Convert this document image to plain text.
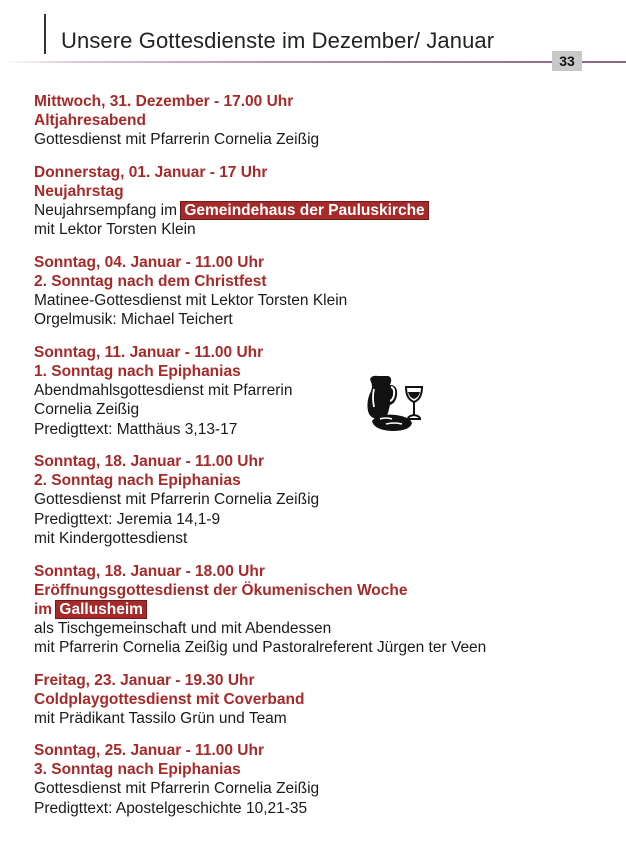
Unsere Gottesdienste im Dezember/ Januar
33
Mittwoch, 31. Dezember - 17.00 Uhr
Altjahresabend
Gottesdienst mit Pfarrerin Cornelia Zeißig
Donnerstag, 01. Januar - 17 Uhr
Neujahrstag
Neujahrsempfang im Gemeindehaus der Pauluskirche
mit Lektor Torsten Klein
Sonntag, 04. Januar - 11.00 Uhr
2. Sonntag nach dem Christfest
Matinee-Gottesdienst mit Lektor Torsten Klein
Orgelmusik: Michael Teichert
Sonntag, 11. Januar - 11.00 Uhr
1. Sonntag nach Epiphanias
Abendmahlsgottesdienst mit Pfarrerin
Cornelia Zeißig
Predigttext: Matthäus 3,13-17
Sonntag, 18. Januar - 11.00 Uhr
2. Sonntag nach Epiphanias
Gottesdienst mit Pfarrerin Cornelia Zeißig
Predigttext: Jeremia 14,1-9
mit Kindergottesdienst
Sonntag, 18. Januar - 18.00 Uhr
Eröffnungsgottesdienst der Ökumenischen Woche
im Gallusheim
als Tischgemeinschaft und mit Abendessen
mit Pfarrerin Cornelia Zeißig und Pastoralreferent Jürgen ter Veen
Freitag, 23. Januar - 19.30 Uhr
Coldplaygottesdienst mit Coverband
mit Prädikant Tassilo Grün und Team
Sonntag, 25. Januar - 11.00 Uhr
3. Sonntag nach Epiphanias
Gottesdienst mit Pfarrerin Cornelia Zeißig
Predigttext: Apostelgeschichte 10,21-35
